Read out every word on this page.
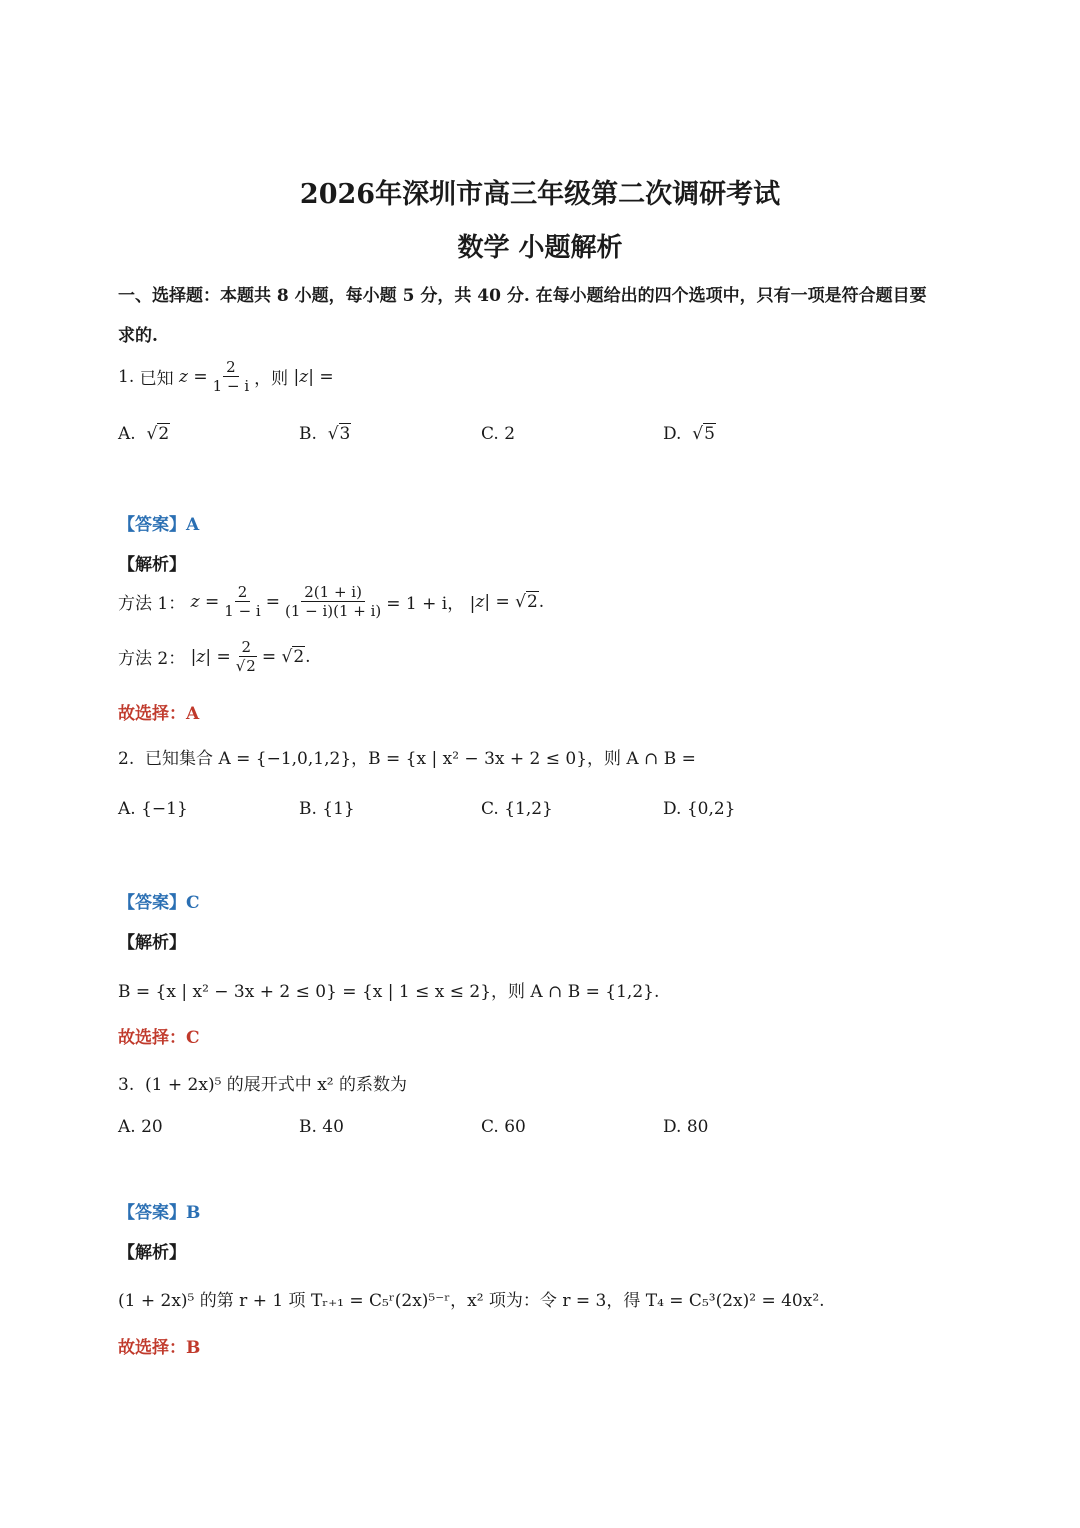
2026年深圳市高三年级第二次调研考试
数学 小题解析
一、选择题：本题共 8 小题，每小题 5 分，共 40 分. 在每小题给出的四个选项中，只有一项是符合题目要
求的.
1.
已知
$z = \frac{2}{1 - i}$ ，则 | z | =
A.  √2	B.  √3	C. 2	D.  √5
【答案】A
【解析】
方法 1：
$z = \frac{2}{1 - i} = \frac{2(1 + i)}{(1 - i)(1 + i)} = 1 + i$， | z | = √ 2 .
方法 2： | z | = $\frac{2}{√2}$ = √ 2 .
故选择：A
2. 已知集合 A = {−1,0,1,2}，B = {x | x² − 3x + 2 ≤ 0}，则 A ∩ B =
A. {−1}	B. {1}	C. {1,2}	D. {0,2}
【答案】C
【解析】
B = {x | x² − 3x + 2 ≤ 0} = {x | 1 ≤ x ≤ 2}，则 A ∩ B = {1,2}.
故选择：C
3. (1 + 2x)⁵ 的展开式中 x² 的系数为
A. 20	B. 40	C. 60	D. 80
【答案】B
【解析】
(1 + 2x)⁵ 的第 r + 1 项 Tᵣ₊₁ = C₅ʳ(2x)⁵⁻ʳ，x² 项为：令 r = 3，得 T₄ = C₅³(2x)² = 40x².
故选择：B
